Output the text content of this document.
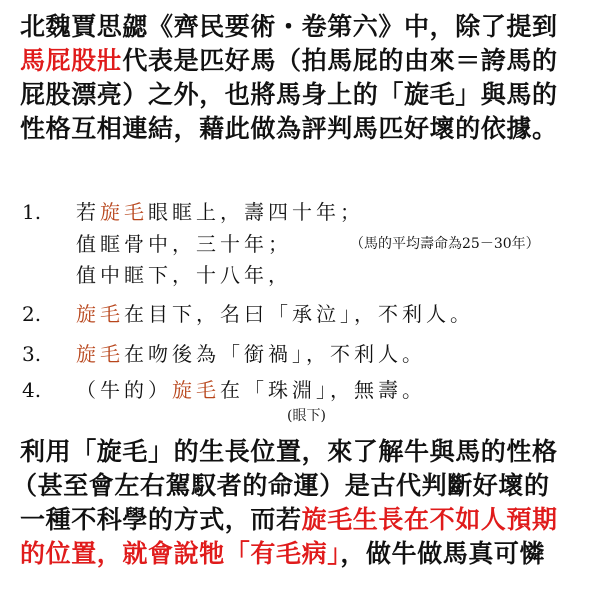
北魏賈思勰《齊民要術・卷第六》中，除了提到
馬屁股壯代表是匹好馬（拍馬屁的由來＝誇馬的
屁股漂亮）之外，也將馬身上的「旋毛」與馬的
性格互相連結，藉此做為評判馬匹好壞的依據。
1. 若旋毛眼眶上，壽四十年；
值眶骨中，三十年；	（馬的平均壽命為25－30年）
值中眶下，十八年，
2. 旋毛在目下，名曰「承泣」，不利人。
3. 旋毛在吻後為「銜禍」，不利人。
4. （牛的）旋毛在「珠淵」，無壽。
(眼下)
利用「旋毛」的生長位置，來了解牛與馬的性格
（甚至會左右駕馭者的命運）是古代判斷好壞的
一種不科學的方式，而若旋毛生長在不如人預期
的位置，就會說牠「有毛病」，做牛做馬真可憐
